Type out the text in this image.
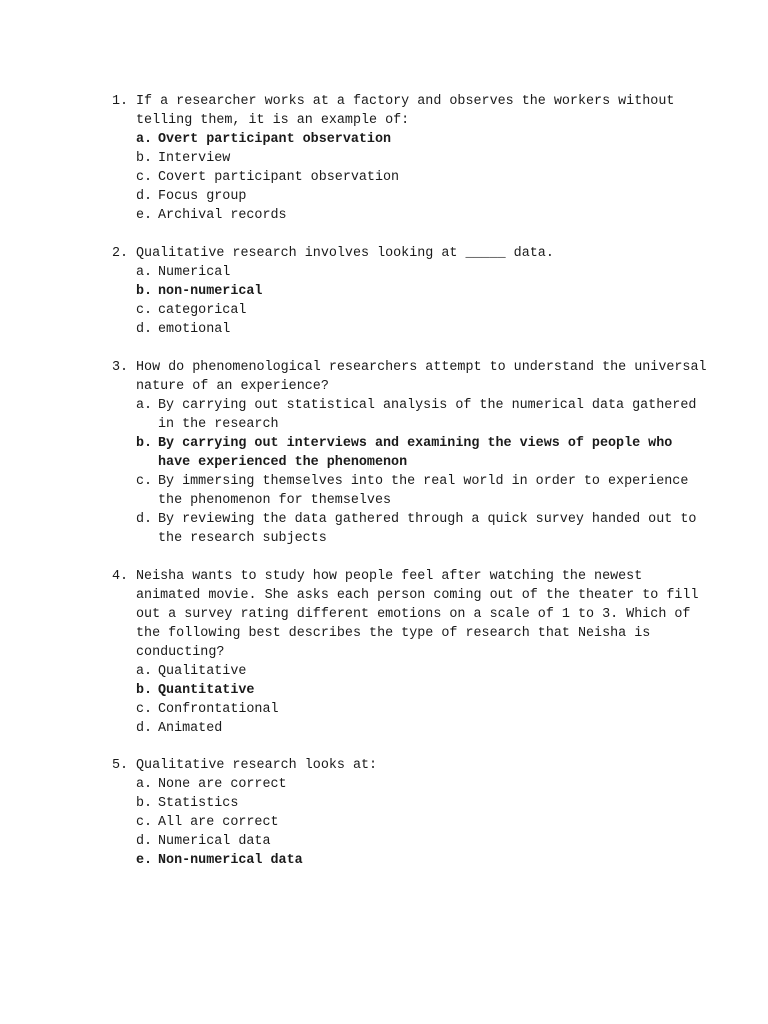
1. If a researcher works at a factory and observes the workers without telling them, it is an example of:
a. Overt participant observation
b. Interview
c. Covert participant observation
d. Focus group
e. Archival records
2. Qualitative research involves looking at _____ data.
a. Numerical
b. non-numerical
c. categorical
d. emotional
3. How do phenomenological researchers attempt to understand the universal nature of an experience?
a. By carrying out statistical analysis of the numerical data gathered in the research
b. By carrying out interviews and examining the views of people who have experienced the phenomenon
c. By immersing themselves into the real world in order to experience the phenomenon for themselves
d. By reviewing the data gathered through a quick survey handed out to the research subjects
4. Neisha wants to study how people feel after watching the newest animated movie. She asks each person coming out of the theater to fill out a survey rating different emotions on a scale of 1 to 3. Which of the following best describes the type of research that Neisha is conducting?
a. Qualitative
b. Quantitative
c. Confrontational
d. Animated
5. Qualitative research looks at:
a. None are correct
b. Statistics
c. All are correct
d. Numerical data
e. Non-numerical data
